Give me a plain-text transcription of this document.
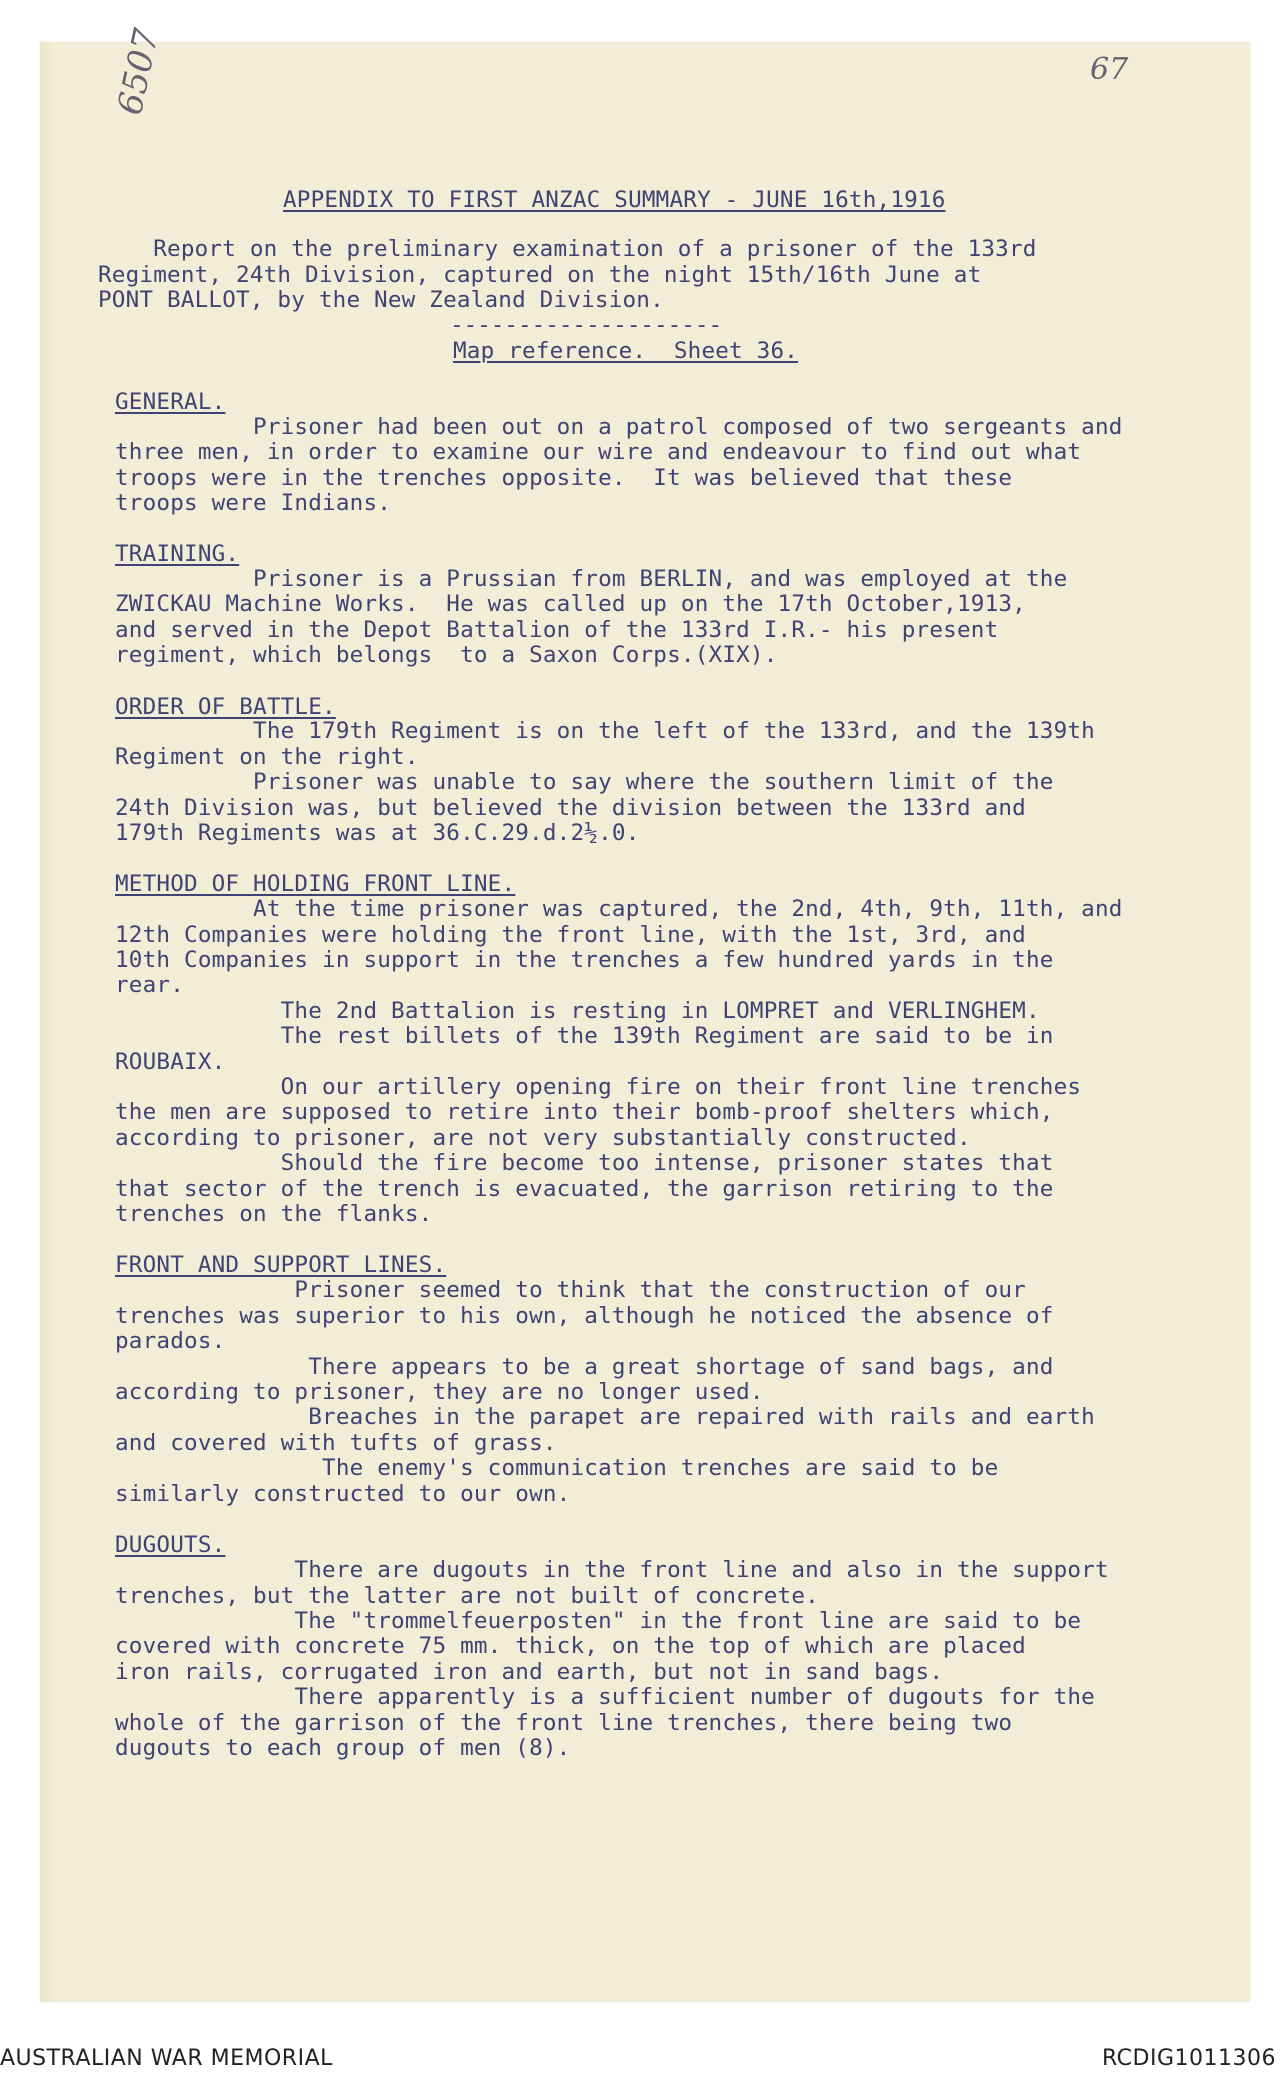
67
6507
APPENDIX TO FIRST ANZAC SUMMARY - JUNE 16th,1916
Report on the preliminary examination of a prisoner of the 133rd
Regiment, 24th Division, captured on the night 15th/16th June at
PONT BALLOT, by the New Zealand Division.
--------------------
Map reference.  Sheet 36.
GENERAL.
Prisoner had been out on a patrol composed of two sergeants and
three men, in order to examine our wire and endeavour to find out what
troops were in the trenches opposite.  It was believed that these
troops were Indians.
TRAINING.
Prisoner is a Prussian from BERLIN, and was employed at the
ZWICKAU Machine Works.  He was called up on the 17th October,1913,
and served in the Depot Battalion of the 133rd I.R.- his present
regiment, which belongs  to a Saxon Corps.(XIX).
ORDER OF BATTLE.
The 179th Regiment is on the left of the 133rd, and the 139th
Regiment on the right.
Prisoner was unable to say where the southern limit of the
24th Division was, but believed the division between the 133rd and
179th Regiments was at 36.C.29.d.2½.0.
METHOD OF HOLDING FRONT LINE.
At the time prisoner was captured, the 2nd, 4th, 9th, 11th, and
12th Companies were holding the front line, with the 1st, 3rd, and
10th Companies in support in the trenches a few hundred yards in the
rear.
The 2nd Battalion is resting in LOMPRET and VERLINGHEM.
The rest billets of the 139th Regiment are said to be in
ROUBAIX.
On our artillery opening fire on their front line trenches
the men are supposed to retire into their bomb-proof shelters which,
according to prisoner, are not very substantially constructed.
Should the fire become too intense, prisoner states that
that sector of the trench is evacuated, the garrison retiring to the
trenches on the flanks.
FRONT AND SUPPORT LINES.
Prisoner seemed to think that the construction of our
trenches was superior to his own, although he noticed the absence of
parados.
There appears to be a great shortage of sand bags, and
according to prisoner, they are no longer used.
Breaches in the parapet are repaired with rails and earth
and covered with tufts of grass.
The enemy's communication trenches are said to be
similarly constructed to our own.
DUGOUTS.
There are dugouts in the front line and also in the support
trenches, but the latter are not built of concrete.
The "trommelfeuerposten" in the front line are said to be
covered with concrete 75 mm. thick, on the top of which are placed
iron rails, corrugated iron and earth, but not in sand bags.
There apparently is a sufficient number of dugouts for the
whole of the garrison of the front line trenches, there being two
dugouts to each group of men (8).
AUSTRALIAN WAR MEMORIAL	RCDIG1011306
